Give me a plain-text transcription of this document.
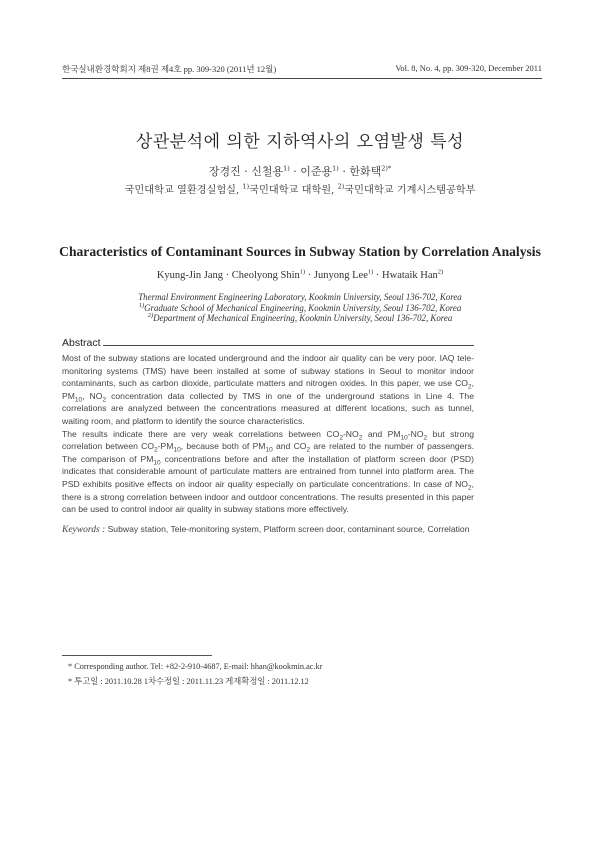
한국실내환경학회지 제8권 제4호 pp. 309-320 (2011년 12월)	Vol. 8, No. 4, pp. 309-320, December 2011
상관분석에 의한 지하역사의 오염발생 특성
장경진 · 신철용$^{1)}$ · 이준용$^{1)}$ · 한화택$^{2)*}$
국민대학교 열환경실험실, $^{1)}$국민대학교 대학원, $^{2)}$국민대학교 기계시스템공학부
Characteristics of Contaminant Sources in Subway Station by Correlation Analysis
Kyung-Jin Jang · Cheolyong Shin$^{1)}$ · Junyong Lee$^{1)}$ · Hwataik Han$^{2)}$
Thermal Environment Engineering Laboratory, Kookmin University, Seoul 136-702, Korea
$^{1)}$Graduate School of Mechanical Engineering, Kookmin University, Seoul 136-702, Korea
$^{2)}$Department of Mechanical Engineering, Kookmin University, Seoul 136-702, Korea
Abstract

Most of the subway stations are located underground and the indoor air quality can be very poor. IAQ tele-monitoring systems (TMS) have been installed at some of subway stations in Seoul to monitor indoor contaminants, such as carbon dioxide, particulate matters and nitrogen oxides. In this paper, we use $CO_2$, $PM_{10}$, $NO_2$ concentration data collected by TMS in one of the underground stations in Line 4. The correlations are analyzed between the concentrations measured at different locations, such as tunnel, waiting room, and platform to identify the source characteristics.

The results indicate there are very weak correlations between $CO_2-NO_2$ and $PM_{10}-NO_2$ but strong correlation between $CO_2-PM_{10}$, because both of $PM_{10}$ and $CO_2$ are related to the number of passengers. The comparison of $PM_{10}$ concentrations before and after the installation of platform screen door (PSD) indicates that considerable amount of particulate matters are entrained from tunnel into platform area. The PSD exhibits positive effects on indoor air quality especially on particulate concentrations. In case of $NO_2$, there is a strong correlation between indoor and outdoor concentrations. The results presented in this paper can be used to control indoor air quality in subway stations more effectively.

Keywords : Subway station, Tele-monitoring system, Platform screen door, contaminant source, Correlation
* Corresponding author. Tel: +82-2-910-4687, E-mail: hhan@kookmin.ac.kr
* 투고일 : 2011.10.28 1차수정일 : 2011.11.23 게재확정일 : 2011.12.12
